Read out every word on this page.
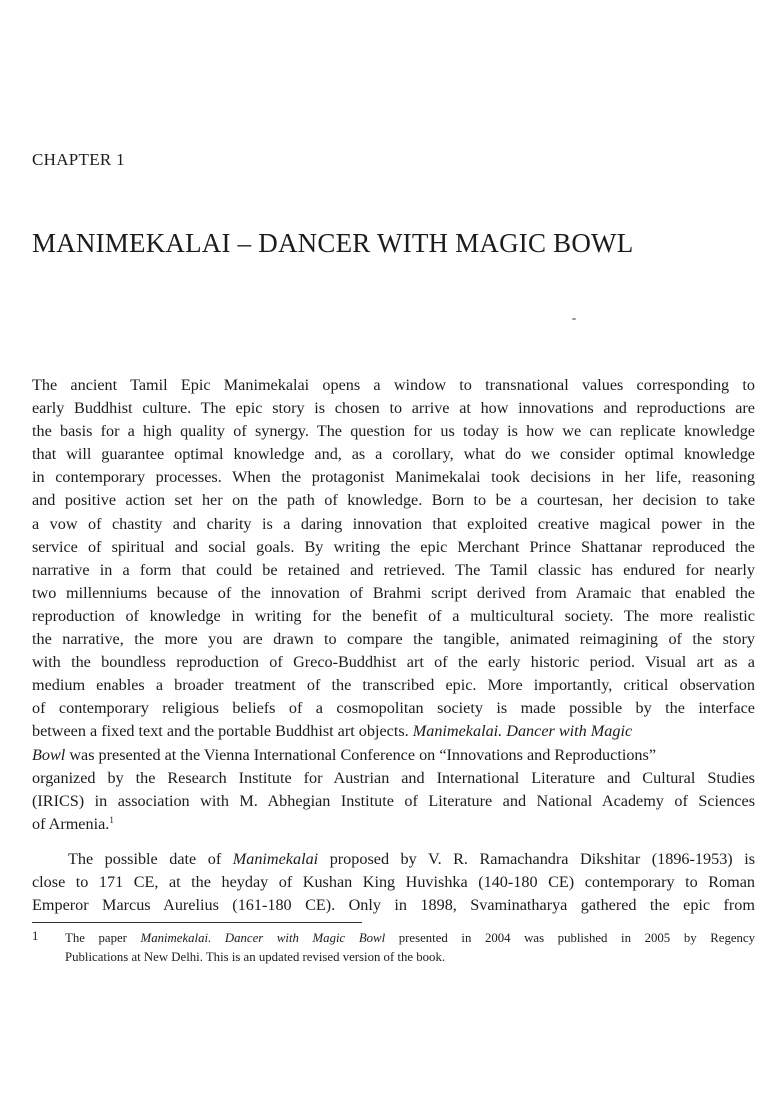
CHAPTER 1
MANIMEKALAI – DANCER WITH MAGIC BOWL
The ancient Tamil Epic Manimekalai opens a window to transnational values corresponding to
early Buddhist culture. The epic story is chosen to arrive at how innovations and reproductions are
the basis for a high quality of synergy. The question for us today is how we can replicate knowledge
that will guarantee optimal knowledge and, as a corollary, what do we consider optimal knowledge
in contemporary processes. When the protagonist Manimekalai took decisions in her life, reasoning
and positive action set her on the path of knowledge. Born to be a courtesan, her decision to take
a vow of chastity and charity is a daring innovation that exploited creative magical power in the
service of spiritual and social goals. By writing the epic Merchant Prince Shattanar reproduced the
narrative in a form that could be retained and retrieved. The Tamil classic has endured for nearly
two millenniums because of the innovation of Brahmi script derived from Aramaic that enabled the
reproduction of knowledge in writing for the benefit of a multicultural society. The more realistic
the narrative, the more you are drawn to compare the tangible, animated reimagining of the story
with the boundless reproduction of Greco-Buddhist art of the early historic period. Visual art as a
medium enables a broader treatment of the transcribed epic. More importantly, critical observation
of contemporary religious beliefs of a cosmopolitan society is made possible by the interface
between a fixed text and the portable Buddhist art objects. Manimekalai. Dancer with Magic
Bowl was presented at the Vienna International Conference on “Innovations and Reproductions”
organized by the Research Institute for Austrian and International Literature and Cultural Studies
(IRICS) in association with M. Abhegian Institute of Literature and National Academy of Sciences
of Armenia.$^1$
The possible date of Manimekalai proposed by V. R. Ramachandra Dikshitar (1896-1953) is
close to 171 CE, at the heyday of Kushan King Huvishka (140-180 CE) contemporary to Roman
Emperor Marcus Aurelius (161-180 CE). Only in 1898, Svaminatharya gathered the epic from
1 The paper Manimekalai. Dancer with Magic Bowl presented in 2004 was published in 2005 by Regency
Publications at New Delhi. This is an updated revised version of the book.
